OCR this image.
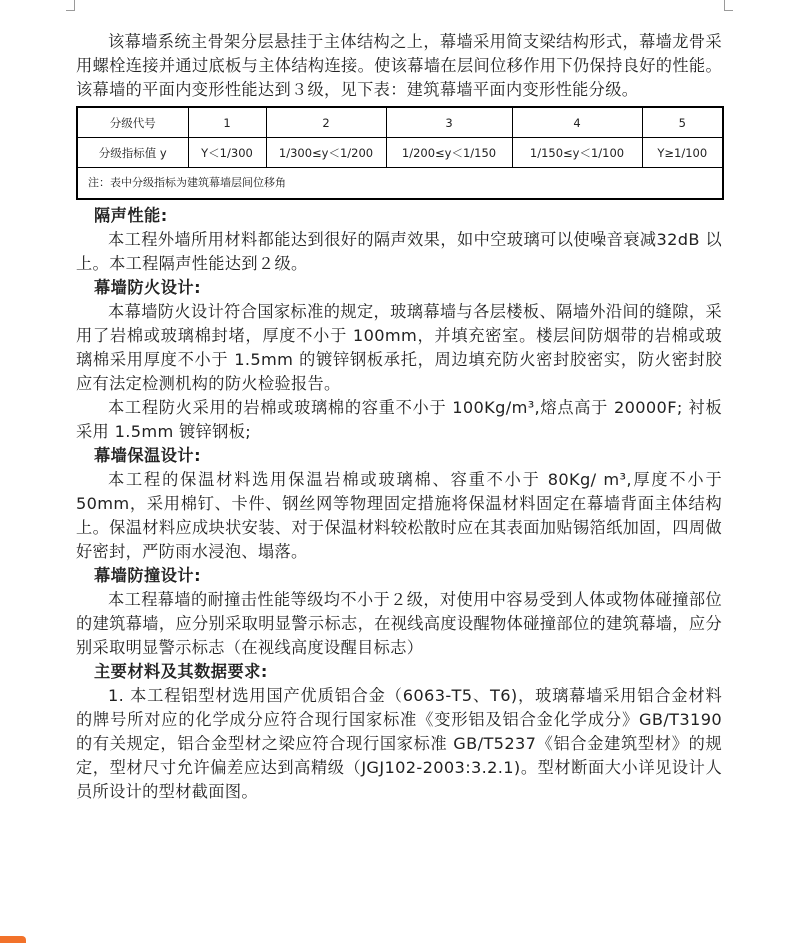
该幕墙系统主骨架分层悬挂于主体结构之上，幕墙采用简支梁结构形式，幕墙龙骨采用螺栓连接并通过底板与主体结构连接。使该幕墙在层间位移作用下仍保持良好的性能。该幕墙的平面内变形性能达到３级，见下表：建筑幕墙平面内变形性能分级。

分级代号	1	2	3	4	5
分级指标值 y	Y＜1/300	1/300≤y＜1/200	1/200≤y＜1/150	1/150≤y＜1/100	Y≥1/100
注：表中分级指标为建筑幕墙层间位移角					
隔声性能:

本工程外墙所用材料都能达到很好的隔声效果，如中空玻璃可以使噪音衰减32dB 以上。本工程隔声性能达到２级。

幕墙防火设计:

本幕墙防火设计符合国家标准的规定，玻璃幕墙与各层楼板、隔墙外沿间的缝隙，采用了岩棉或玻璃棉封堵，厚度不小于 100mm，并填充密室。楼层间防烟带的岩棉或玻璃棉采用厚度不小于 1.5mm 的镀锌钢板承托，周边填充防火密封胶密实，防火密封胶应有法定检测机构的防火检验报告。

本工程防火采用的岩棉或玻璃棉的容重不小于 100Kg/m³,熔点高于 20000F; 衬板采用 1.5mm 镀锌钢板;

幕墙保温设计:

本工程的保温材料选用保温岩棉或玻璃棉、容重不小于 80Kg/ m³,厚度不小于 50mm，采用棉钉、卡件、钢丝网等物理固定措施将保温材料固定在幕墙背面主体结构上。保温材料应成块状安装、对于保温材料较松散时应在其表面加贴锡箔纸加固，四周做好密封，严防雨水浸泡、塌落。

幕墙防撞设计:

本工程幕墙的耐撞击性能等级均不小于２级，对使用中容易受到人体或物体碰撞部位的建筑幕墙，应分别采取明显警示标志，在视线高度设醒物体碰撞部位的建筑幕墙，应分别采取明显警示标志（在视线高度设醒目标志）

主要材料及其数据要求:

1. 本工程铝型材选用国产优质铝合金（6063-T5、T6)，玻璃幕墙采用铝合金材料的牌号所对应的化学成分应符合现行国家标准《变形铝及铝合金化学成分》GB/T3190 的有关规定，铝合金型材之梁应符合现行国家标准 GB/T5237《铝合金建筑型材》的规定，型材尺寸允许偏差应达到高精级（JGJ102-2003:3.2.1)。型材断面大小详见设计人员所设计的型材截面图。
